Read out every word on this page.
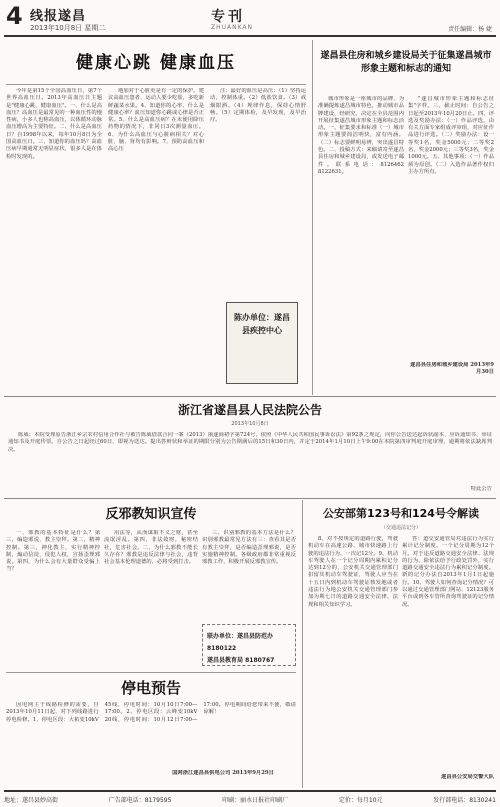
4 线报遂昌
2013年10月8日 星期二
专刊
ZHUANKAN	责任编辑：杨 婕
健康心跳 健康血压

今年是第15个全国高血压日，第7个世界高血压日。2013年高血压日主题是"健康心跳，健康血压"。一、什么是高血压？高血压是最常见的一种血压性的慢性病，小多人也称高血压，以体循环动脉血压增高为主要特征。二、什么是高血压日？自1998年以来，每年10月8日为全国高血压日。三、知道你的血压吗？高血压病早期通常无明显症状，很多人是在体检时发现的。

地加对于心脏更是有一定的保护。建议高血压患者、运动人要少吃盐，多吃新鲜蔬菜水果。4、知道你的心率、什么是健康心率？血压知道你心跳或心律是否正常。5、什么是高血压病？在未使用降压药物的情况下，非同日3次测量血压。6、为什么高血压与心脏病相关？对心脏、脑、肾均有影响。7、预防高血压和高心压

注：最好的血压是高压：（1）坚持运动，控制体重。（2）低盐饮食。（3）戒烟限酒。（4）规律作息，保持心情舒畅。（5）定期体检，及早发现，及早治疗。

陈办单位：遂昌县疾控中心
遂昌县住房和城乡建设局关于征集遂昌城市形象主题和标志的通知

城市形象是一座城市的品牌，为准确提炼遂昌城市特色，推动城市品牌建设，经研究，决定在全县范围内开展征集遂昌城市形象主题和标志活动。一、征集要求和标准（一）城市形象主题要简洁明快，富有内涵。（二）标志要鲜明易辨，突出遂昌特色。二、投稿方式：来稿请寄至遂昌县住房和城乡建设局，或发送电子邮件。联系电话：8126462 8122631。

"遂昌城市形象主题和标志征集"字样。三、截止时间：自公告之日起至2013年10月20日止。四、评选及奖励办法：（一）作品评选，由有关方面专家组成评审组，对应征作品进行评选。（二）奖励办法：设一等奖1名，奖金5000元；二等奖2名，奖金2000元；三等奖3名，奖金1000元。五、其他事项：（一）作品须为原创。（二）入选作品著作权归主办方所有。

遂昌县住房和城乡建设局 2013年9月30日
浙江省遂昌县人民法院公告
2013年10月8日

陈威：本院受理原告浙江乡宗农村信用合作社与被告陈威借款合同一案（2013）丽遂商初字第724号，依照《中华人民共和国民事诉讼法》第92条之规定，向你公告送达起诉状副本、应诉通知书、举证通知书及开庭传票。自公告之日起经过60日，即视为送达。提出答辩状和举证的期限分别为公告期满后的15日和30日内，并定于2014年1月10日上午9:00在本院第四审判庭开庭审理，逾期将依法缺席判决。

特此公告
反邪教知识宣传

一、邪教的基本特征是什么？第三，编造邪说，教主崇拜。第二，精神控制。第三，神化教主，实行精神控制，煽动信徒，侵犯人权，宣扬歪理邪说。第四，为什么会有大量群众受骗上当？

用法等，从而谋取不义之财，甚至流氓淫乱。第四，非法敛财，秘密结社，危害社会。二、为什么邪教不能长久存在？邪教是违反法律与社会，违背社会基本伦理道德的，必将受到打击。

三、识别邪教的基本方法是什么？识别邪教最常见方法有三：查看其是否有教主崇拜，是否编造歪理邪说，是否实施精神控制。各级政府都非常重视反邪教工作，积极开展反邪教宣传。

联办单位：遂昌县防范办 8180122
遂昌县教育局 8180767
公安部第123号和124号令解读
（交通违法记分）

8、对不按规定的道路行驶，驾驶机动车在高速公路、城市快速路上行驶的违法行为，一次记12分。9、机动车驾驶人在一个记分周期内累积记分达到12分的，公安机关交通管理部门扣留其机动车驾驶证，驾驶人应当在十五日内到机动车驾驶证核发地或者违法行为地公安机关交通管理部门参加为期七日的道路交通安全法律、法规和相关知识学习。

答：道交安通管局对违法行为实行累计记分制度。一个记分周期为12个月。对于违反道路交通安全法律、法规的行为，除依法给予行政处罚外，实行道路交通安全违法行为累积记分制度。新的记分办法自2013年1月1日起施行。10、驾驶人如何查询记分情况？可以通过交通管理部门网站、12123服务平台或到各车管所查询驾驶证的记分情况。

遂昌县公安局交警大队
停电预告

因电网主干线路检修的需要，自2013年10月11日起，对下列线路进行停电检修。1、停电区段：大柘变10kV 45线，停电时间：10月10日7:00—17:00。2、停电区段：云峰变10kV 20线，停电时间：10月12日7:00—17:00。停电期间给您带来不便，敬请谅解！

国网浙江遂昌县供电公司 2013年9月29日
地址：遂昌县妙高街	广告部电话：8179595	印刷：丽水日报社印刷厂	定价：每月10元	发行部电话：8130241
